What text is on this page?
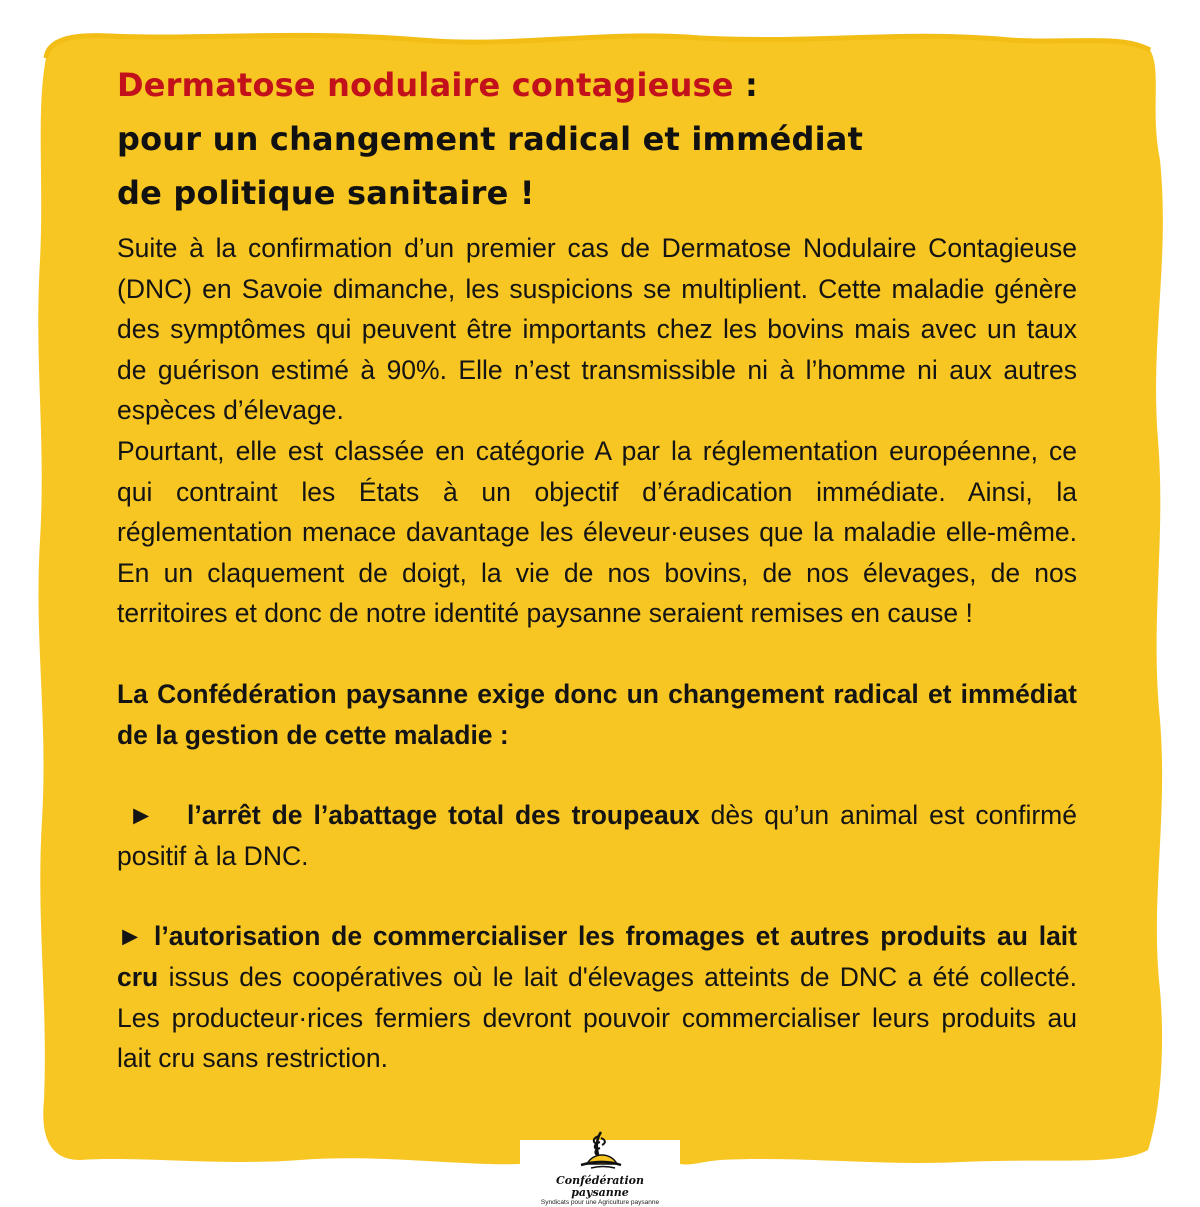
Dermatose nodulaire contagieuse :
pour un changement radical et immédiat
de politique sanitaire !

Suite à la confirmation d’un premier cas de Dermatose Nodulaire Contagieuse (DNC) en Savoie dimanche, les suspicions se multiplient. Cette maladie génère des symptômes qui peuvent être importants chez les bovins mais avec un taux de guérison estimé à 90%. Elle n’est transmissible ni à l’homme ni aux autres espèces d’élevage.

Pourtant, elle est classée en catégorie A par la réglementation européenne, ce qui contraint les États à un objectif d’éradication immédiate. Ainsi, la réglementation menace davantage les éleveur·euses que la maladie elle-même. En un claquement de doigt, la vie de nos bovins, de nos élevages, de nos territoires et donc de notre identité paysanne seraient remises en cause !

La Confédération paysanne exige donc un changement radical et immédiat de la gestion de cette maladie :

► l’arrêt de l’abattage total des troupeaux dès qu’un animal est confirmé positif à la DNC.

► l’autorisation de commercialiser les fromages et autres produits au lait cru issus des coopératives où le lait d'élevages atteints de DNC a été collecté. Les producteur·rices fermiers devront pouvoir commercialiser leurs produits au lait cru sans restriction.

Confédération paysanne
Syndicats pour une Agriculture paysanne
